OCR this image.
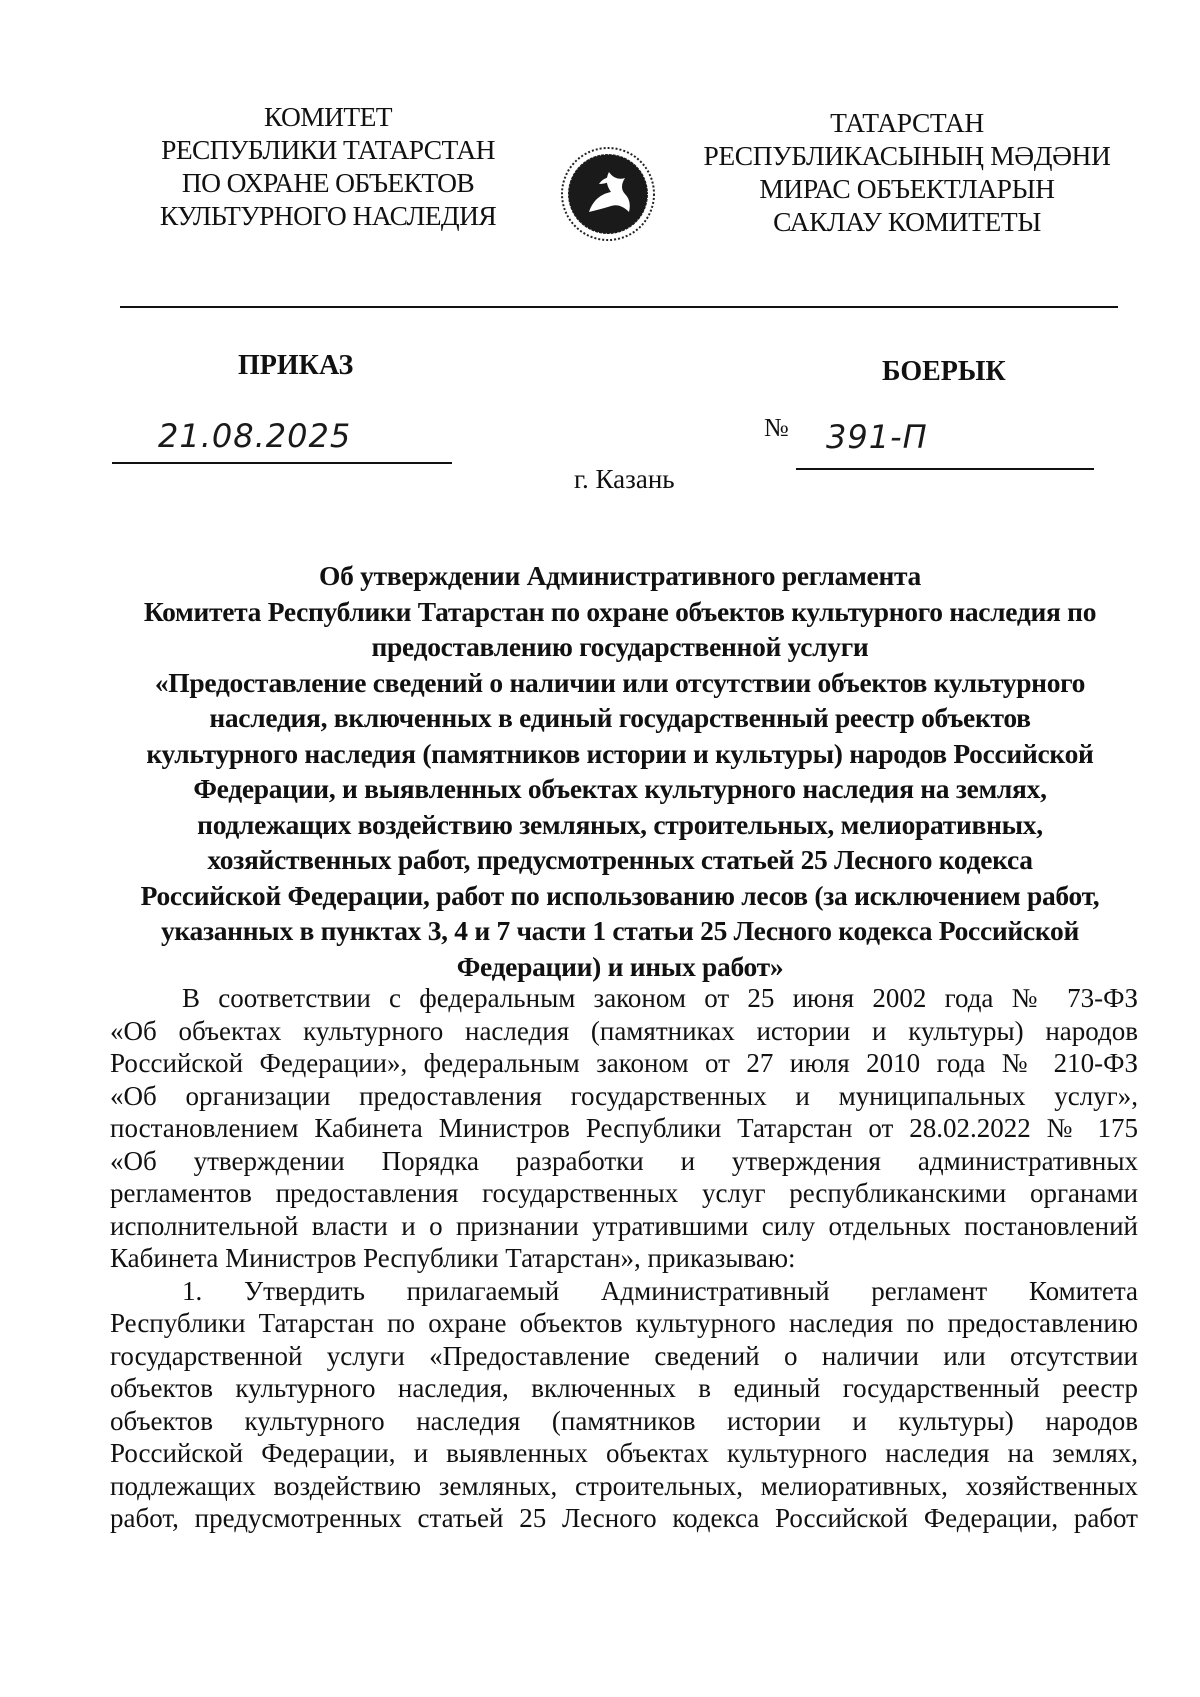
КОМИТЕТ
РЕСПУБЛИКИ ТАТАРСТАН
ПО ОХРАНЕ ОБЪЕКТОВ
КУЛЬТУРНОГО НАСЛЕДИЯ
ТАТАРСТАН
РЕСПУБЛИКАСЫНЫҢ МӘДӘНИ
МИРАС ОБЪЕКТЛАРЫН
САКЛАУ КОМИТЕТЫ
ПРИКАЗ	БОЕРЫК
21.08.2025	№ 391-П
г. Казань
Об утверждении Административного регламента
Комитета Республики Татарстан по охране объектов культурного наследия по
предоставлению государственной услуги
«Предоставление сведений о наличии или отсутствии объектов культурного
наследия, включенных в единый государственный реестр объектов
культурного наследия (памятников истории и культуры) народов Российской
Федерации, и выявленных объектах культурного наследия на землях,
подлежащих воздействию земляных, строительных, мелиоративных,
хозяйственных работ, предусмотренных статьей 25 Лесного кодекса
Российской Федерации, работ по использованию лесов (за исключением работ,
указанных в пунктах 3, 4 и 7 части 1 статьи 25 Лесного кодекса Российской
Федерации) и иных работ»
В соответствии с федеральным законом от 25 июня 2002 года № 73-ФЗ
«Об объектах культурного наследия (памятниках истории и культуры) народов
Российской Федерации», федеральным законом от 27 июля 2010 года № 210-ФЗ
«Об организации предоставления государственных и муниципальных услуг»,
постановлением Кабинета Министров Республики Татарстан от 28.02.2022 № 175
«Об утверждении Порядка разработки и утверждения административных
регламентов предоставления государственных услуг республиканскими органами
исполнительной власти и о признании утратившими силу отдельных постановлений
Кабинета Министров Республики Татарстан», приказываю:
1. Утвердить прилагаемый Административный регламент Комитета
Республики Татарстан по охране объектов культурного наследия по предоставлению
государственной услуги «Предоставление сведений о наличии или отсутствии
объектов культурного наследия, включенных в единый государственный реестр
объектов культурного наследия (памятников истории и культуры) народов
Российской Федерации, и выявленных объектах культурного наследия на землях,
подлежащих воздействию земляных, строительных, мелиоративных, хозяйственных
работ, предусмотренных статьей 25 Лесного кодекса Российской Федерации, работ
